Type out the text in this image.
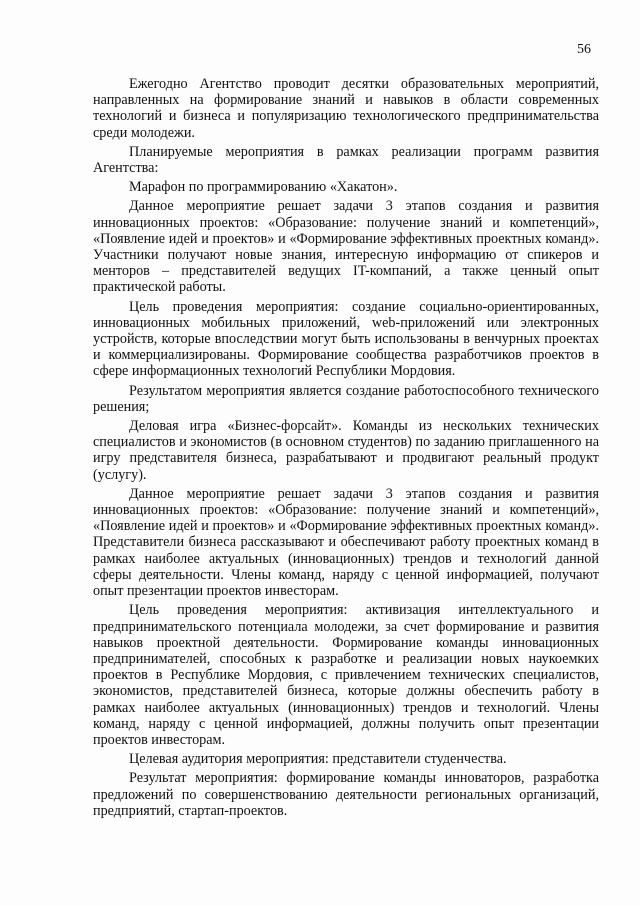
56

Ежегодно Агентство проводит десятки образовательных мероприятий, направленных на формирование знаний и навыков в области современных технологий и бизнеса и популяризацию технологического предпринимательства среди молодежи.

Планируемые мероприятия в рамках реализации программ развития Агентства:

Марафон по программированию «Хакатон».

Данное мероприятие решает задачи 3 этапов создания и развития инновационных проектов: «Образование: получение знаний и компетенций», «Появление идей и проектов» и «Формирование эффективных проектных команд». Участники получают новые знания, интересную информацию от спикеров и менторов – представителей ведущих IT-компаний, а также ценный опыт практической работы.

Цель проведения мероприятия: создание социально-ориентированных, инновационных мобильных приложений, web-приложений или электронных устройств, которые впоследствии могут быть использованы в венчурных проектах и коммерциализированы. Формирование сообщества разработчиков проектов в сфере информационных технологий Республики Мордовия.

Результатом мероприятия является создание работоспособного технического решения;

Деловая игра «Бизнес-форсайт». Команды из нескольких технических специалистов и экономистов (в основном студентов) по заданию приглашенного на игру представителя бизнеса, разрабатывают и продвигают реальный продукт (услугу).

Данное мероприятие решает задачи 3 этапов создания и развития инновационных проектов: «Образование: получение знаний и компетенций», «Появление идей и проектов» и «Формирование эффективных проектных команд». Представители бизнеса рассказывают и обеспечивают работу проектных команд в рамках наиболее актуальных (инновационных) трендов и технологий данной сферы деятельности. Члены команд, наряду с ценной информацией, получают опыт презентации проектов инвесторам.

Цель проведения мероприятия: активизация интеллектуального и предпринимательского потенциала молодежи, за счет формирование и развития навыков проектной деятельности. Формирование команды инновационных предпринимателей, способных к разработке и реализации новых наукоемких проектов в Республике Мордовия, с привлечением технических специалистов, экономистов, представителей бизнеса, которые должны обеспечить работу в рамках наиболее актуальных (инновационных) трендов и технологий. Члены команд, наряду с ценной информацией, должны получить опыт презентации проектов инвесторам.

Целевая аудитория мероприятия: представители студенчества.

Результат мероприятия: формирование команды инноваторов, разработка предложений по совершенствованию деятельности региональных организаций, предприятий, стартап-проектов.
